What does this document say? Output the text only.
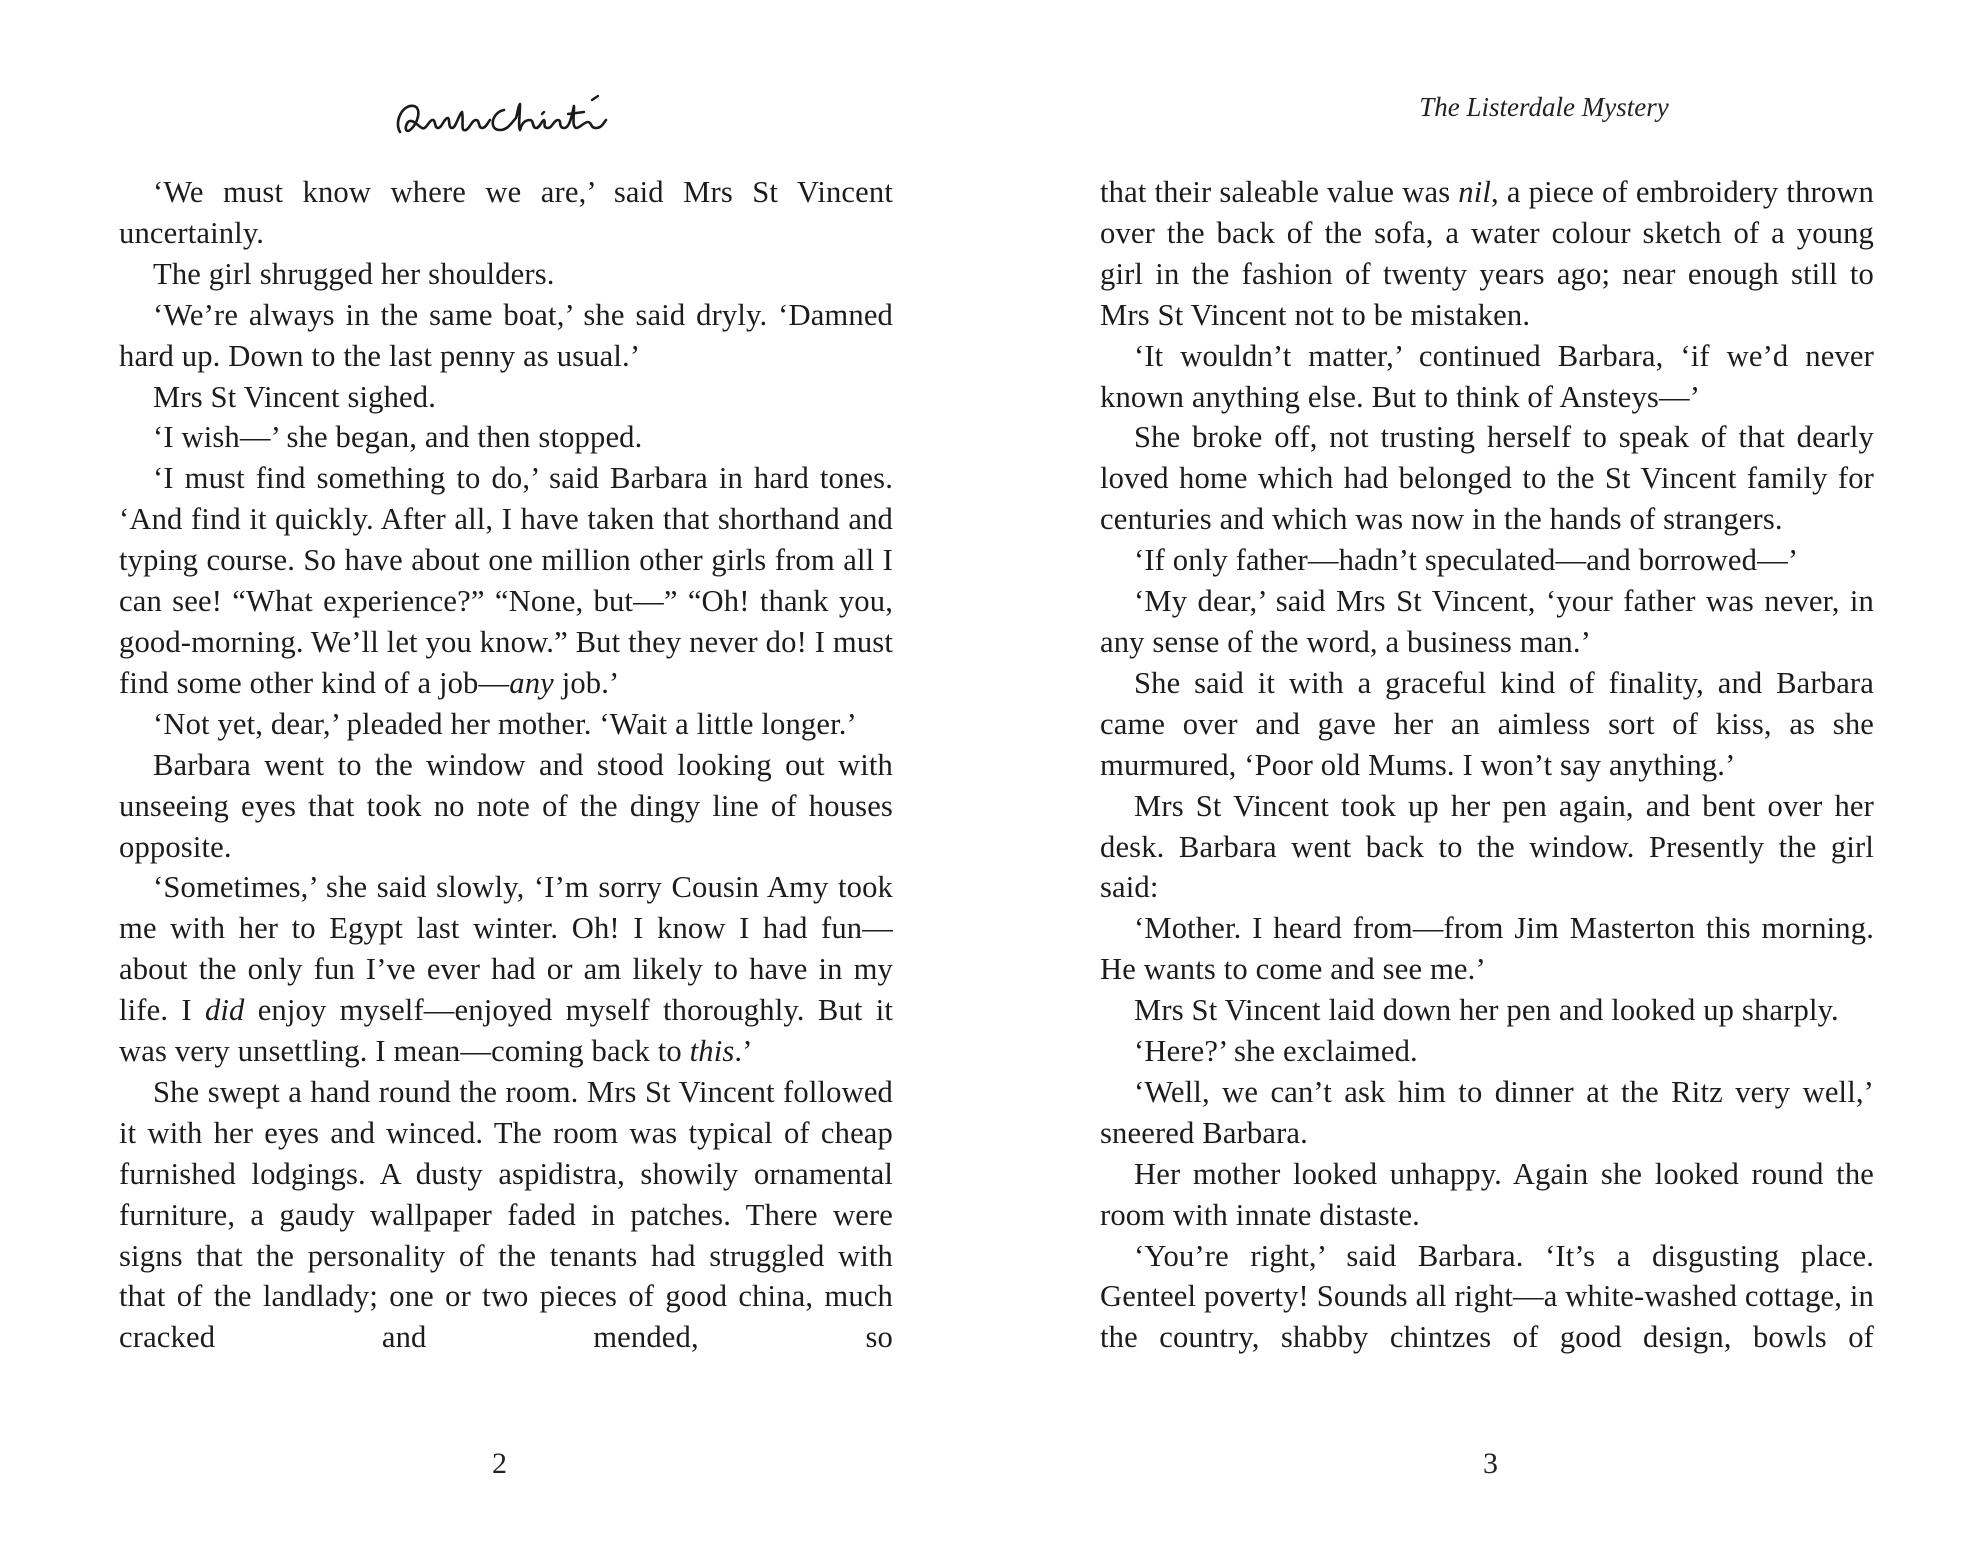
‘We must know where we are,’ said Mrs St Vincent uncertainly.

The girl shrugged her shoulders.

‘We’re always in the same boat,’ she said dryly. ‘Damned hard up. Down to the last penny as usual.’

Mrs St Vincent sighed.

‘I wish—’ she began, and then stopped.

‘I must find something to do,’ said Barbara in hard tones. ‘And find it quickly. After all, I have taken that shorthand and typing course. So have about one million other girls from all I can see! “What experience?” “None, but—” “Oh! thank you, good-morning. We’ll let you know.” But they never do! I must find some other kind of a job—any job.’

‘Not yet, dear,’ pleaded her mother. ‘Wait a little longer.’

Barbara went to the window and stood looking out with unseeing eyes that took no note of the dingy line of houses opposite.

‘Sometimes,’ she said slowly, ‘I’m sorry Cousin Amy took me with her to Egypt last winter. Oh! I know I had fun—about the only fun I’ve ever had or am likely to have in my life. I did enjoy myself—enjoyed myself thoroughly. But it was very unsettling. I mean—coming back to this.’

She swept a hand round the room. Mrs St Vincent followed it with her eyes and winced. The room was typical of cheap furnished lodgings. A dusty aspidistra, showily ornamental furniture, a gaudy wallpaper faded in patches. There were signs that the personality of the tenants had struggled with that of the landlady; one or two pieces of good china, much cracked and mended, so

2
The Listerdale Mystery

that their saleable value was nil, a piece of embroidery thrown over the back of the sofa, a water colour sketch of a young girl in the fashion of twenty years ago; near enough still to Mrs St Vincent not to be mistaken.

‘It wouldn’t matter,’ continued Barbara, ‘if we’d never known anything else. But to think of Ansteys—’

She broke off, not trusting herself to speak of that dearly loved home which had belonged to the St Vincent family for centuries and which was now in the hands of strangers.

‘If only father—hadn’t speculated—and borrowed—’

‘My dear,’ said Mrs St Vincent, ‘your father was never, in any sense of the word, a business man.’

She said it with a graceful kind of finality, and Barbara came over and gave her an aimless sort of kiss, as she murmured, ‘Poor old Mums. I won’t say anything.’

Mrs St Vincent took up her pen again, and bent over her desk. Barbara went back to the window. Presently the girl said:

‘Mother. I heard from—from Jim Masterton this morning. He wants to come and see me.’

Mrs St Vincent laid down her pen and looked up sharply.

‘Here?’ she exclaimed.

‘Well, we can’t ask him to dinner at the Ritz very well,’ sneered Barbara.

Her mother looked unhappy. Again she looked round the room with innate distaste.

‘You’re right,’ said Barbara. ‘It’s a disgusting place. Genteel poverty! Sounds all right—a white-washed cottage, in the country, shabby chintzes of good design, bowls of

3
